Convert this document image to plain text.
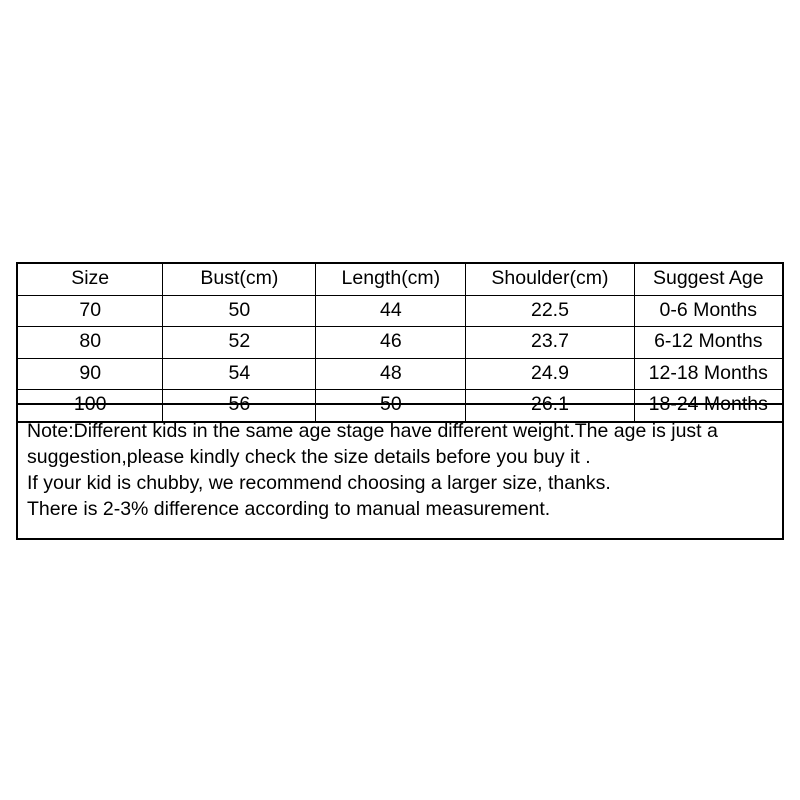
Size	Bust(cm)	Length(cm)	Shoulder(cm)	Suggest Age
70	50	44	22.5	0-6 Months
80	52	46	23.7	6-12 Months
90	54	48	24.9	12-18 Months
100	56	50	26.1	18-24 Months
Note:Different kids in the same age stage have different weight.The age is just a
suggestion,please kindly check the size details before you buy it .
If your kid is chubby, we recommend choosing a larger size, thanks.
There is 2-3% difference according to manual measurement.
